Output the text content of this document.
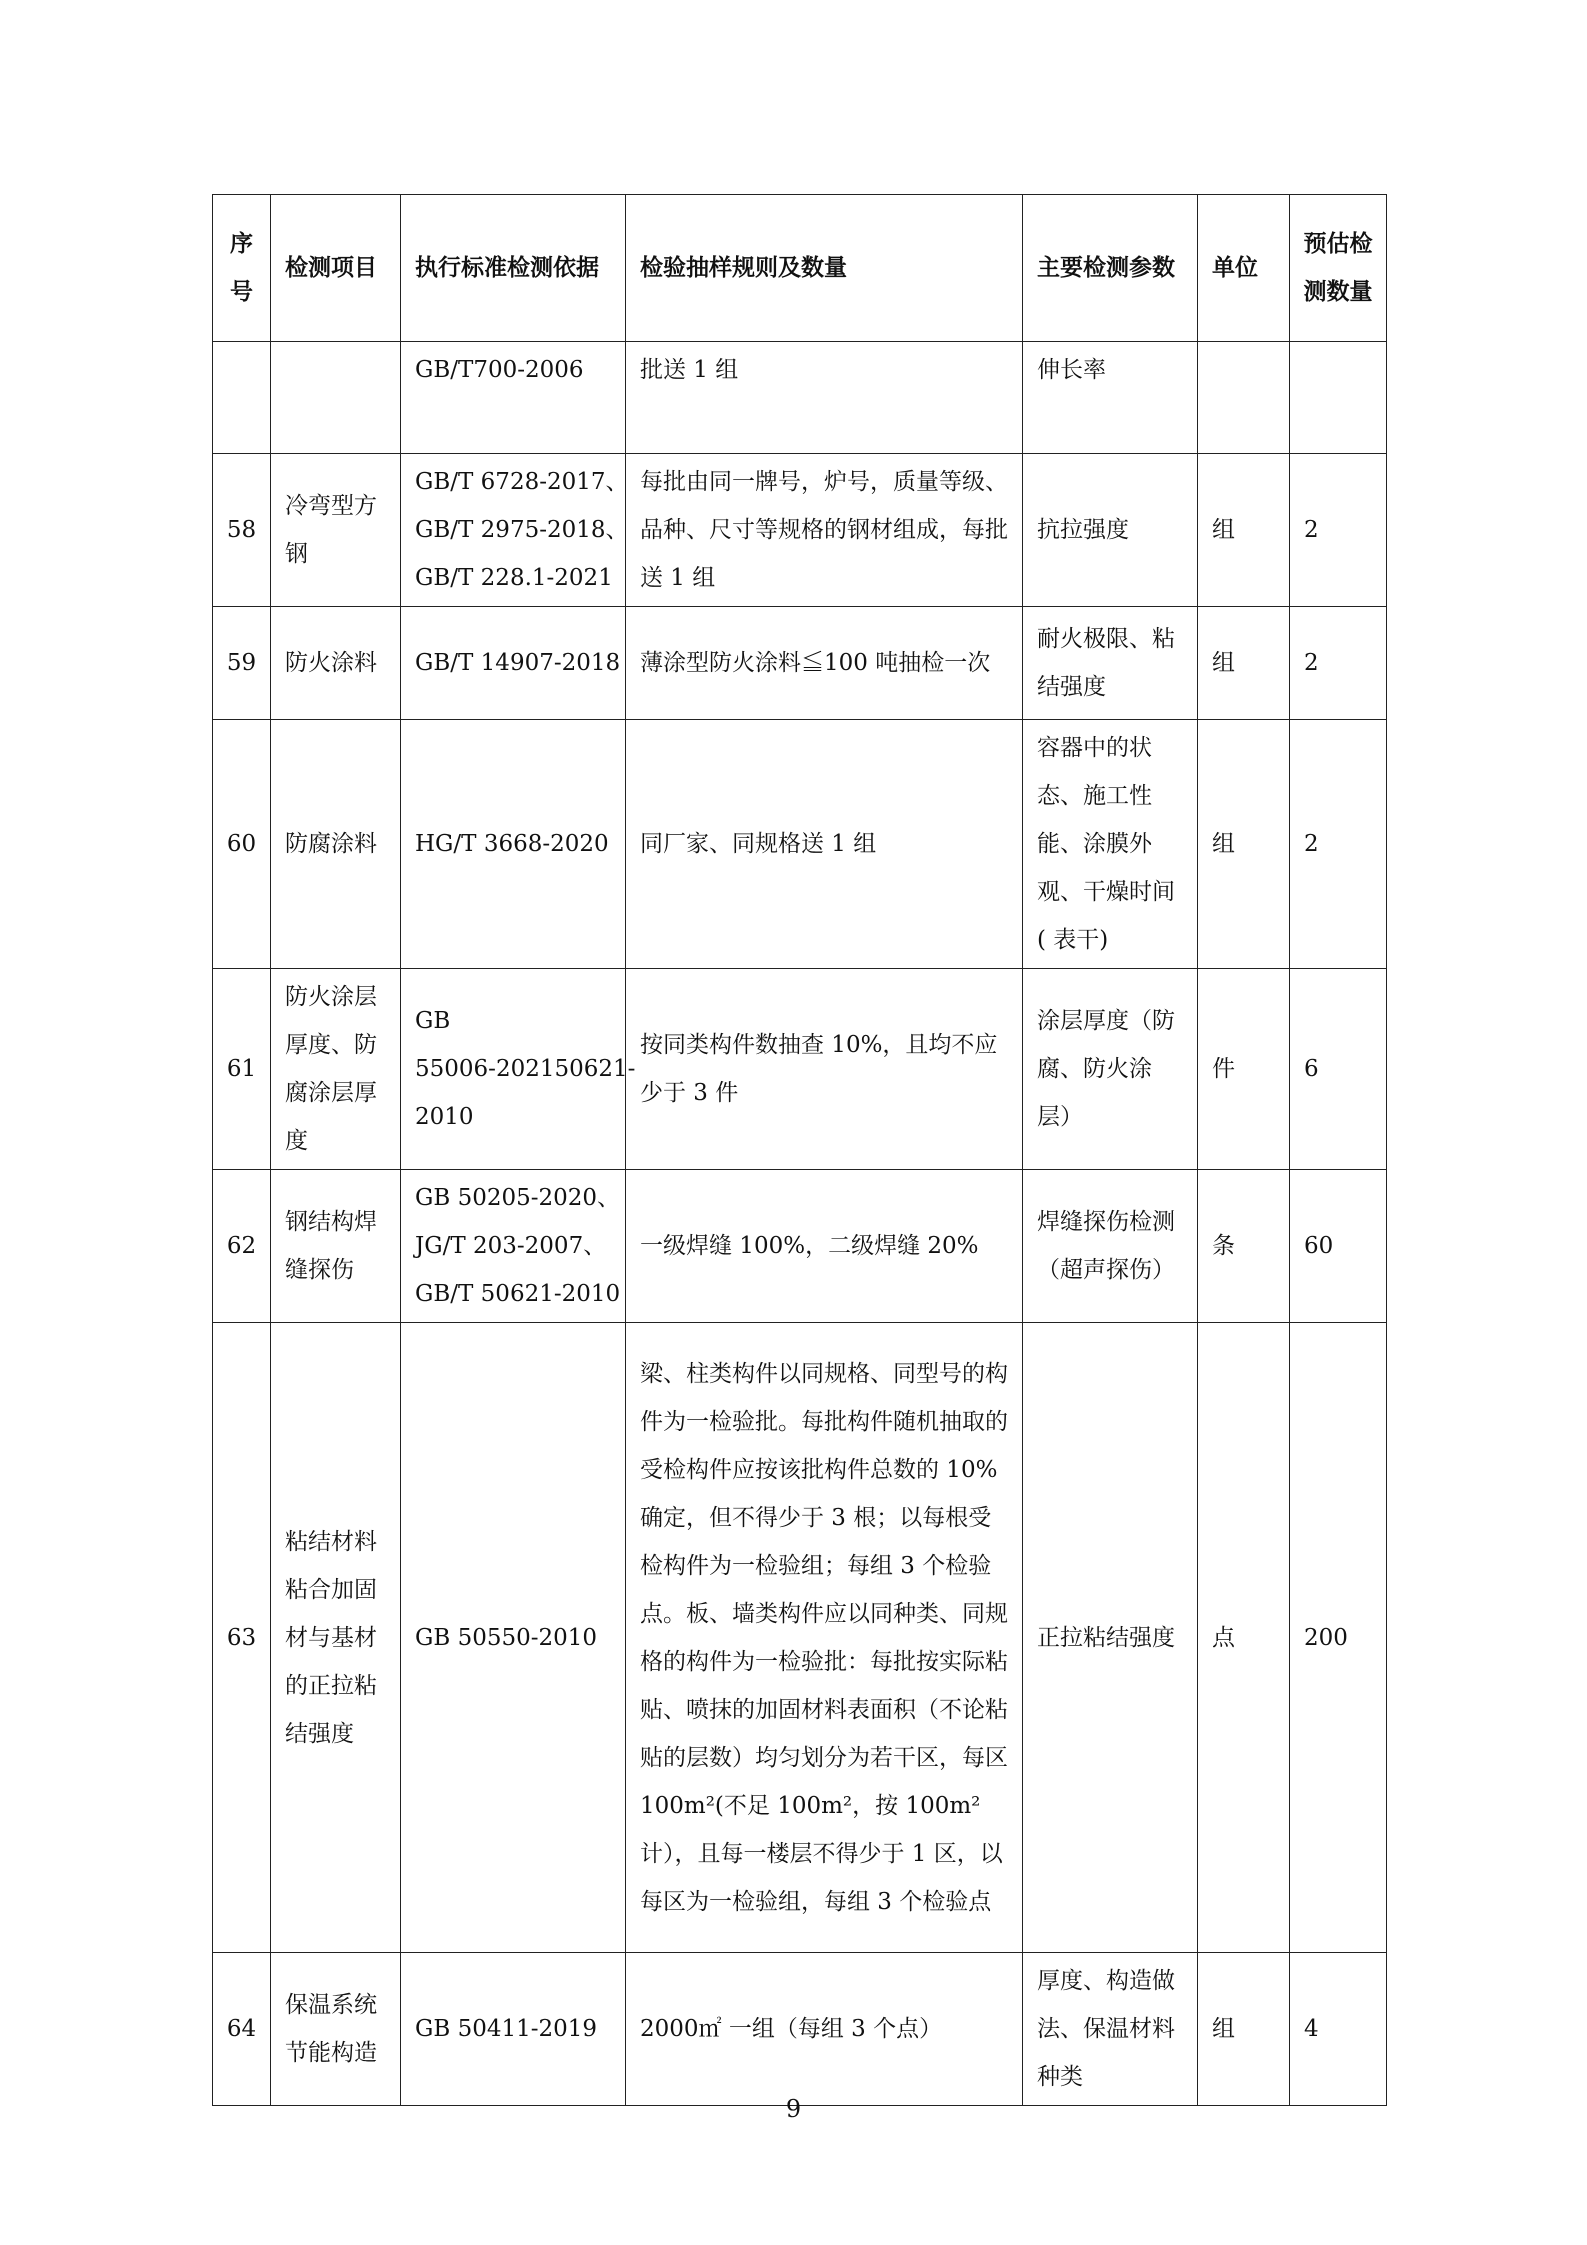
序号	检测项目	执行标准检测依据	检验抽样规则及数量	主要检测参数	单位	预估检测数量

		GB/T700-2006	批送 1 组	伸长率		
58	冷弯型方钢	GB/T 6728-2017、
GB/T 2975-2018、
GB/T 228.1-2021	每批由同一牌号，炉号，质量等级、品种、尺寸等规格的钢材组成，每批送 1 组	抗拉强度	组	2
59	防火涂料	GB/T 14907-2018	薄涂型防火涂料≦100 吨抽检一次	耐火极限、粘结强度	组	2
60	防腐涂料	HG/T 3668-2020	同厂家、同规格送 1 组	容器中的状态、施工性能、涂膜外观、干燥时间( 表干)	组	2
61	防火涂层厚度、防腐涂层厚度	GB
55006-202150621-
2010	按同类构件数抽查 10%，且均不应少于 3 件	涂层厚度（防腐、防火涂层）	件	6
62	钢结构焊缝探伤	GB 50205-2020、
JG/T 203-2007、
GB/T 50621-2010	一级焊缝 100%，二级焊缝 20%	焊缝探伤检测（超声探伤）	条	60
63	粘结材料粘合加固材与基材的正拉粘结强度	GB 50550-2010	梁、柱类构件以同规格、同型号的构件为一检验批。每批构件随机抽取的受检构件应按该批构件总数的 10%确定，但不得少于 3 根；以每根受检构件为一检验组；每组 3 个检验点。板、墙类构件应以同种类、同规格的构件为一检验批：每批按实际粘贴、喷抹的加固材料表面积（不论粘贴的层数）均匀划分为若干区，每区 100m²(不足 100m²，按 100m²计），且每一楼层不得少于 1 区，以每区为一检验组，每组 3 个检验点	正拉粘结强度	点	200
64	保温系统节能构造	GB 50411-2019	2000㎡ 一组（每组 3 个点）	厚度、构造做法、保温材料种类	组	4
9
